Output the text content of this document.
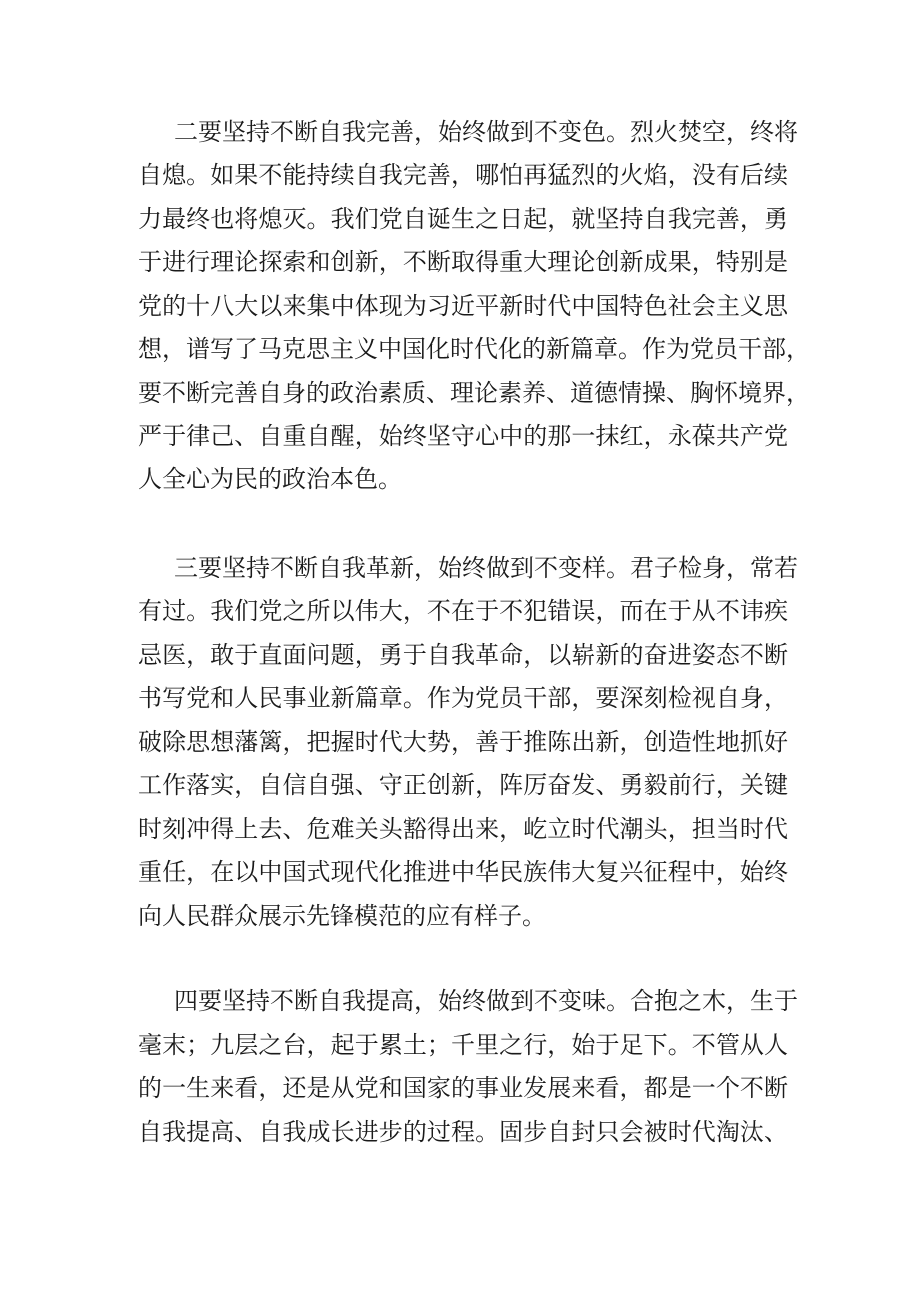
二要坚持不断自我完善，始终做到不变色。烈火焚空，终将
自熄。如果不能持续自我完善，哪怕再猛烈的火焰，没有后续
力最终也将熄灭。我们党自诞生之日起，就坚持自我完善，勇
于进行理论探索和创新，不断取得重大理论创新成果，特别是
党的十八大以来集中体现为习近平新时代中国特色社会主义思
想，谱写了马克思主义中国化时代化的新篇章。作为党员干部，
要不断完善自身的政治素质、理论素养、道德情操、胸怀境界，
严于律己、自重自醒，始终坚守心中的那一抹红，永葆共产党
人全心为民的政治本色。
三要坚持不断自我革新，始终做到不变样。君子检身，常若
有过。我们党之所以伟大，不在于不犯错误，而在于从不讳疾
忌医，敢于直面问题，勇于自我革命，以崭新的奋进姿态不断
书写党和人民事业新篇章。作为党员干部，要深刻检视自身，
破除思想藩篱，把握时代大势，善于推陈出新，创造性地抓好
工作落实，自信自强、守正创新，阵厉奋发、勇毅前行，关键
时刻冲得上去、危难关头豁得出来，屹立时代潮头，担当时代
重任，在以中国式现代化推进中华民族伟大复兴征程中，始终
向人民群众展示先锋模范的应有样子。
四要坚持不断自我提高，始终做到不变味。合抱之木，生于
毫末；九层之台，起于累土；千里之行，始于足下。不管从人
的一生来看，还是从党和国家的事业发展来看，都是一个不断
自我提高、自我成长进步的过程。固步自封只会被时代淘汰、
